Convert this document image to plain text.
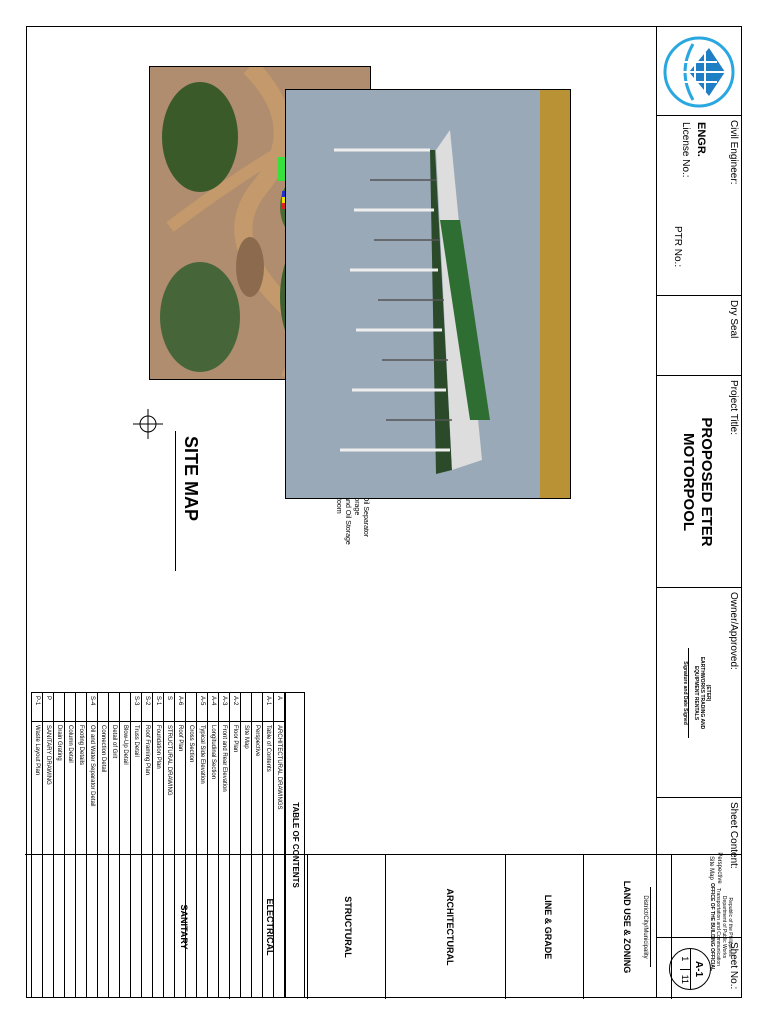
Civil Engineer:
ENGR.
License No.:
PTR No.:
Dry Seal
Project Title:
PROPOSED ETER
MOTORPOOL
Owner/Approved:
(ETER)
EARTHWORKS TRADING AND
EQUIPMENT RENTALS
Signature and Date Signed
Sheet Content:
Perspective
Site Map
Sheet No.:
A-1
1
11
SITE MAP
TABLE OF CONTENTS
A	ARCHITECTURAL DRAWINGS
A-1	Table of Contents
	Perspective
	Site Map
A-2	Floor Plan
A-3	Front and Rear Elevation
A-4	Longitudinal Section
A-5	Typical Side Elevation
	Cross Section
A-6	Roof Plan
S	STRUCTURAL DRAWING
S-1	Foundation Plan
S-2	Roof Framing Plan
S-3	Truss Detail
	Blow-Up Detail
	Detail of Grit
	Connection Detail
S-4	Oil and Water Separator Detail
	Footing Details
	Column Detail
	Drain Grating
P	SANITARY DRAWING
P-1	Waste Layout Plan
Republic of the Philippines
Department of Public Works
Transportation and Communication
OFFICE OF THE BUILDING OFFICIAL
District/City/Municipality
LAND USE & ZONING
LINE & GRADE
ARCHITECTURAL
STRUCTURAL
ELECTRICAL
SANITARY
